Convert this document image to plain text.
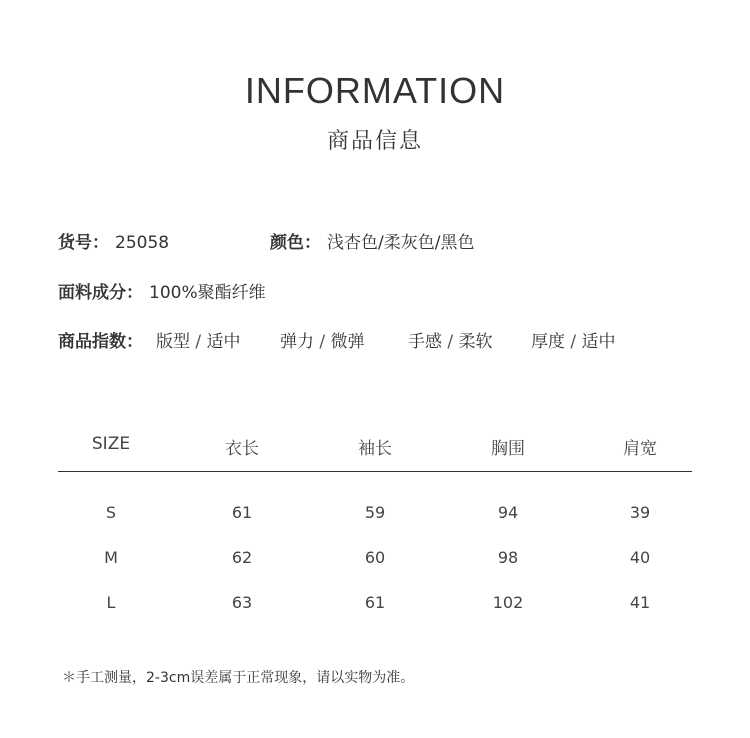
INFORMATION
商品信息
货号： 25058	颜色： 浅杏色/柔灰色/黑色
面料成分： 100%聚酯纤维
商品指数： 版型 / 适中 弹力 / 微弹	手感 / 柔软 厚度 / 适中
SIZE	衣长	袖长	胸围	肩宽
S	61	59	94	39
M	62	60	98	40
L	63	61	102	41
＊手工测量，2-3cm误差属于正常现象，请以实物为准。
